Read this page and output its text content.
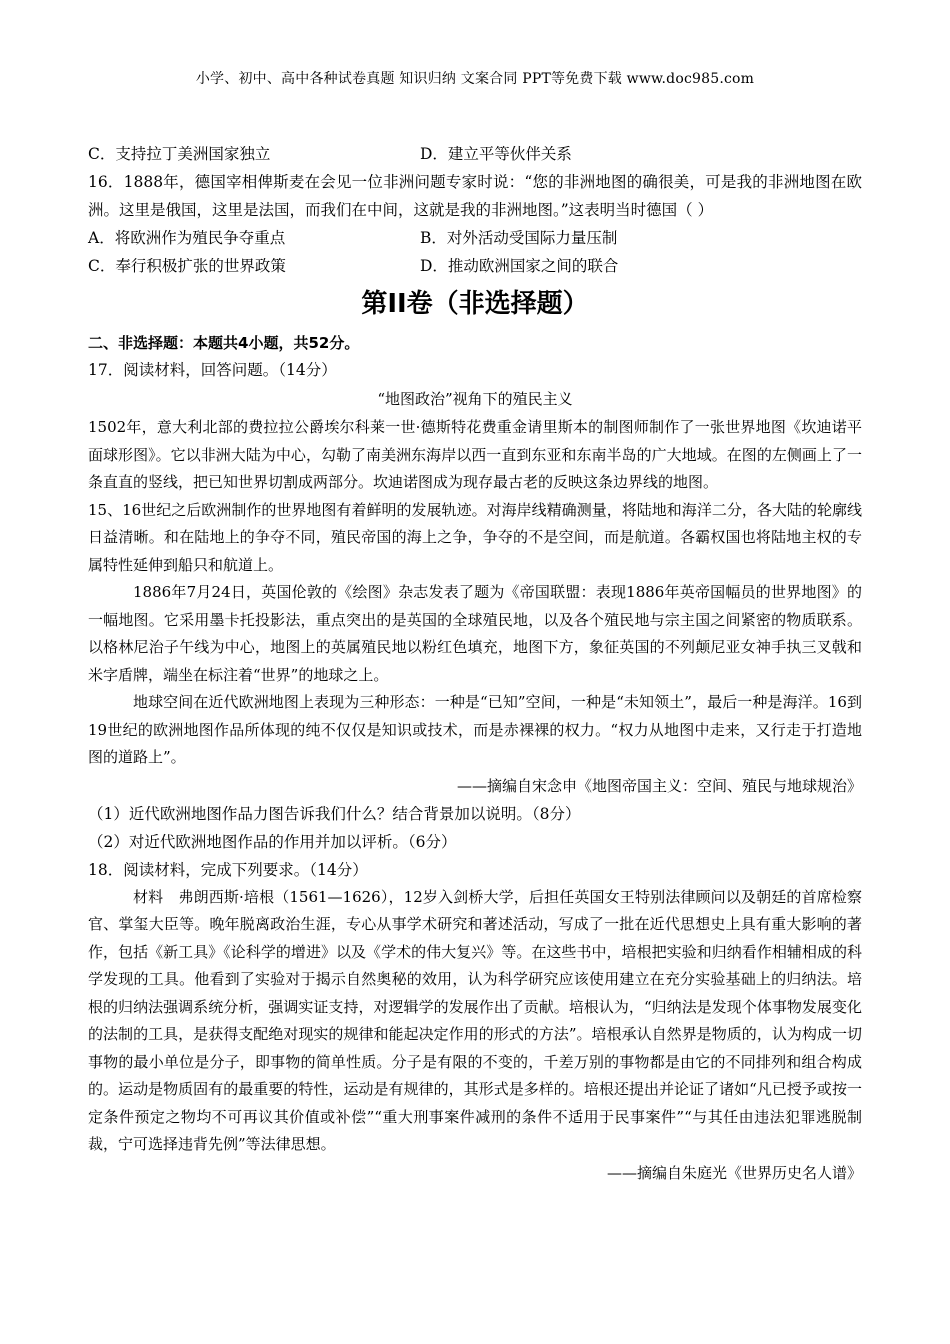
小学、初中、高中各种试卷真题 知识归纳 文案合同 PPT等免费下载 www.doc985.com
C．支持拉丁美洲国家独立	D．建立平等伙伴关系
16．1888年，德国宰相俾斯麦在会见一位非洲问题专家时说：“您的非洲地图的确很美，可是我的非洲地图在欧洲。这里是俄国，这里是法国，而我们在中间，这就是我的非洲地图。”这表明当时德国（ ）
A．将欧洲作为殖民争夺重点	B．对外活动受国际力量压制
C．奉行积极扩张的世界政策	D．推动欧洲国家之间的联合
第II卷（非选择题）
二、非选择题：本题共4小题，共52分。
17．阅读材料，回答问题。（14分）
“地图政治”视角下的殖民主义
1502年，意大利北部的费拉拉公爵埃尔科莱一世·德斯特花费重金请里斯本的制图师制作了一张世界地图《坎迪诺平面球形图》。它以非洲大陆为中心，勾勒了南美洲东海岸以西一直到东亚和东南半岛的广大地域。在图的左侧画上了一条直直的竖线，把已知世界切割成两部分。坎迪诺图成为现存最古老的反映这条边界线的地图。
15、16世纪之后欧洲制作的世界地图有着鲜明的发展轨迹。对海岸线精确测量，将陆地和海洋二分，各大陆的轮廓线日益清晰。和在陆地上的争夺不同，殖民帝国的海上之争，争夺的不是空间，而是航道。各霸权国也将陆地主权的专属特性延伸到船只和航道上。
1886年7月24日，英国伦敦的《绘图》杂志发表了题为《帝国联盟：表现1886年英帝国幅员的世界地图》的一幅地图。它采用墨卡托投影法，重点突出的是英国的全球殖民地，以及各个殖民地与宗主国之间紧密的物质联系。以格林尼治子午线为中心，地图上的英属殖民地以粉红色填充，地图下方，象征英国的不列颠尼亚女神手执三叉戟和米字盾牌，端坐在标注着“世界”的地球之上。
地球空间在近代欧洲地图上表现为三种形态：一种是“已知”空间，一种是“未知领土”，最后一种是海洋。16到19世纪的欧洲地图作品所体现的纯不仅仅是知识或技术，而是赤裸裸的权力。“权力从地图中走来，又行走于打造地图的道路上”。
——摘编自宋念申《地图帝国主义：空间、殖民与地球规治》
（1）近代欧洲地图作品力图告诉我们什么？结合背景加以说明。（8分）
（2）对近代欧洲地图作品的作用并加以评析。（6分）
18．阅读材料，完成下列要求。（14分）
材料　弗朗西斯·培根（1561—1626），12岁入剑桥大学，后担任英国女王特别法律顾问以及朝廷的首席检察官、掌玺大臣等。晚年脱离政治生涯，专心从事学术研究和著述活动，写成了一批在近代思想史上具有重大影响的著作，包括《新工具》《论科学的增进》以及《学术的伟大复兴》等。在这些书中，培根把实验和归纳看作相辅相成的科学发现的工具。他看到了实验对于揭示自然奥秘的效用，认为科学研究应该使用建立在充分实验基础上的归纳法。培根的归纳法强调系统分析，强调实证支持，对逻辑学的发展作出了贡献。培根认为，“归纳法是发现个体事物发展变化的法制的工具，是获得支配绝对现实的规律和能起决定作用的形式的方法”。培根承认自然界是物质的，认为构成一切事物的最小单位是分子，即事物的简单性质。分子是有限的不变的，千差万别的事物都是由它的不同排列和组合构成的。运动是物质固有的最重要的特性，运动是有规律的，其形式是多样的。培根还提出并论证了诸如“凡已授予或按一定条件预定之物均不可再议其价值或补偿”“重大刑事案件减刑的条件不适用于民事案件”“与其任由违法犯罪逃脱制裁，宁可选择违背先例”等法律思想。
——摘编自朱庭光《世界历史名人谱》
